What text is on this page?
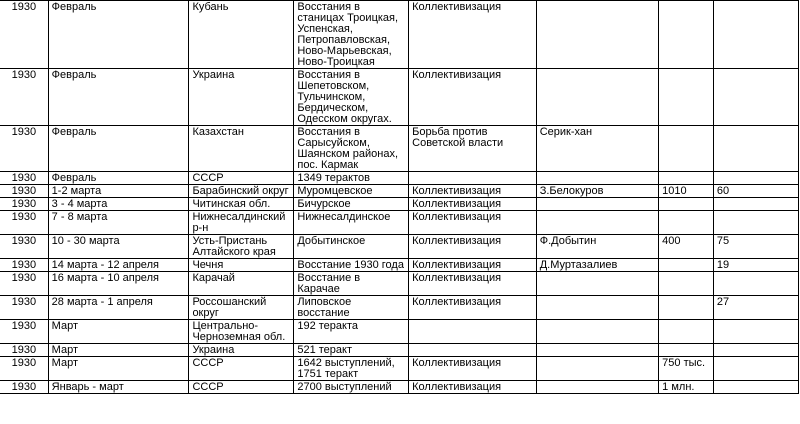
1930	Февраль	Кубань	Восстания в станицах Троицкая, Успенская, Петропавловская, Ново-Марьевская, Ново-Троицкая	Коллективизация			
1930	Февраль	Украина	Восстания в Шепетовском, Тульчинском, Бердическом, Одесском округах.	Коллективизация			
1930	Февраль	Казахстан	Восстания в Сарысуйском, Шаянском районах, пос. Кармак	Борьба против Советской власти	Серик-хан		
1930	Февраль	СССР	1349 терактов				
1930	1-2 марта	Барабинский округ	Муромцевское	Коллективизация	З.Белокуров	1010	60
1930	3 - 4 марта	Читинская обл.	Бичурское	Коллективизация			
1930	7 - 8 марта	Нижнесалдинский р-н	Нижнесалдинское	Коллективизация			
1930	10 - 30 марта	Усть-Пристань Алтайского края	Добытинское	Коллективизация	Ф.Добытин	400	75
1930	14 марта - 12 апреля	Чечня	Восстание 1930 года	Коллективизация	Д.Муртазалиев		19
1930	16 марта - 10 апреля	Карачай	Восстание в Карачае	Коллективизация			
1930	28 марта - 1 апреля	Россошанский округ	Липовское восстание	Коллективизация			27
1930	Март	Центрально-Черноземная обл.	192 теракта				
1930	Март	Украина	521 теракт				
1930	Март	СССР	1642 выступлений, 1751 теракт	Коллективизация		750 тыс.	
1930	Январь - март	СССР	2700 выступлений	Коллективизация		1 млн.	
